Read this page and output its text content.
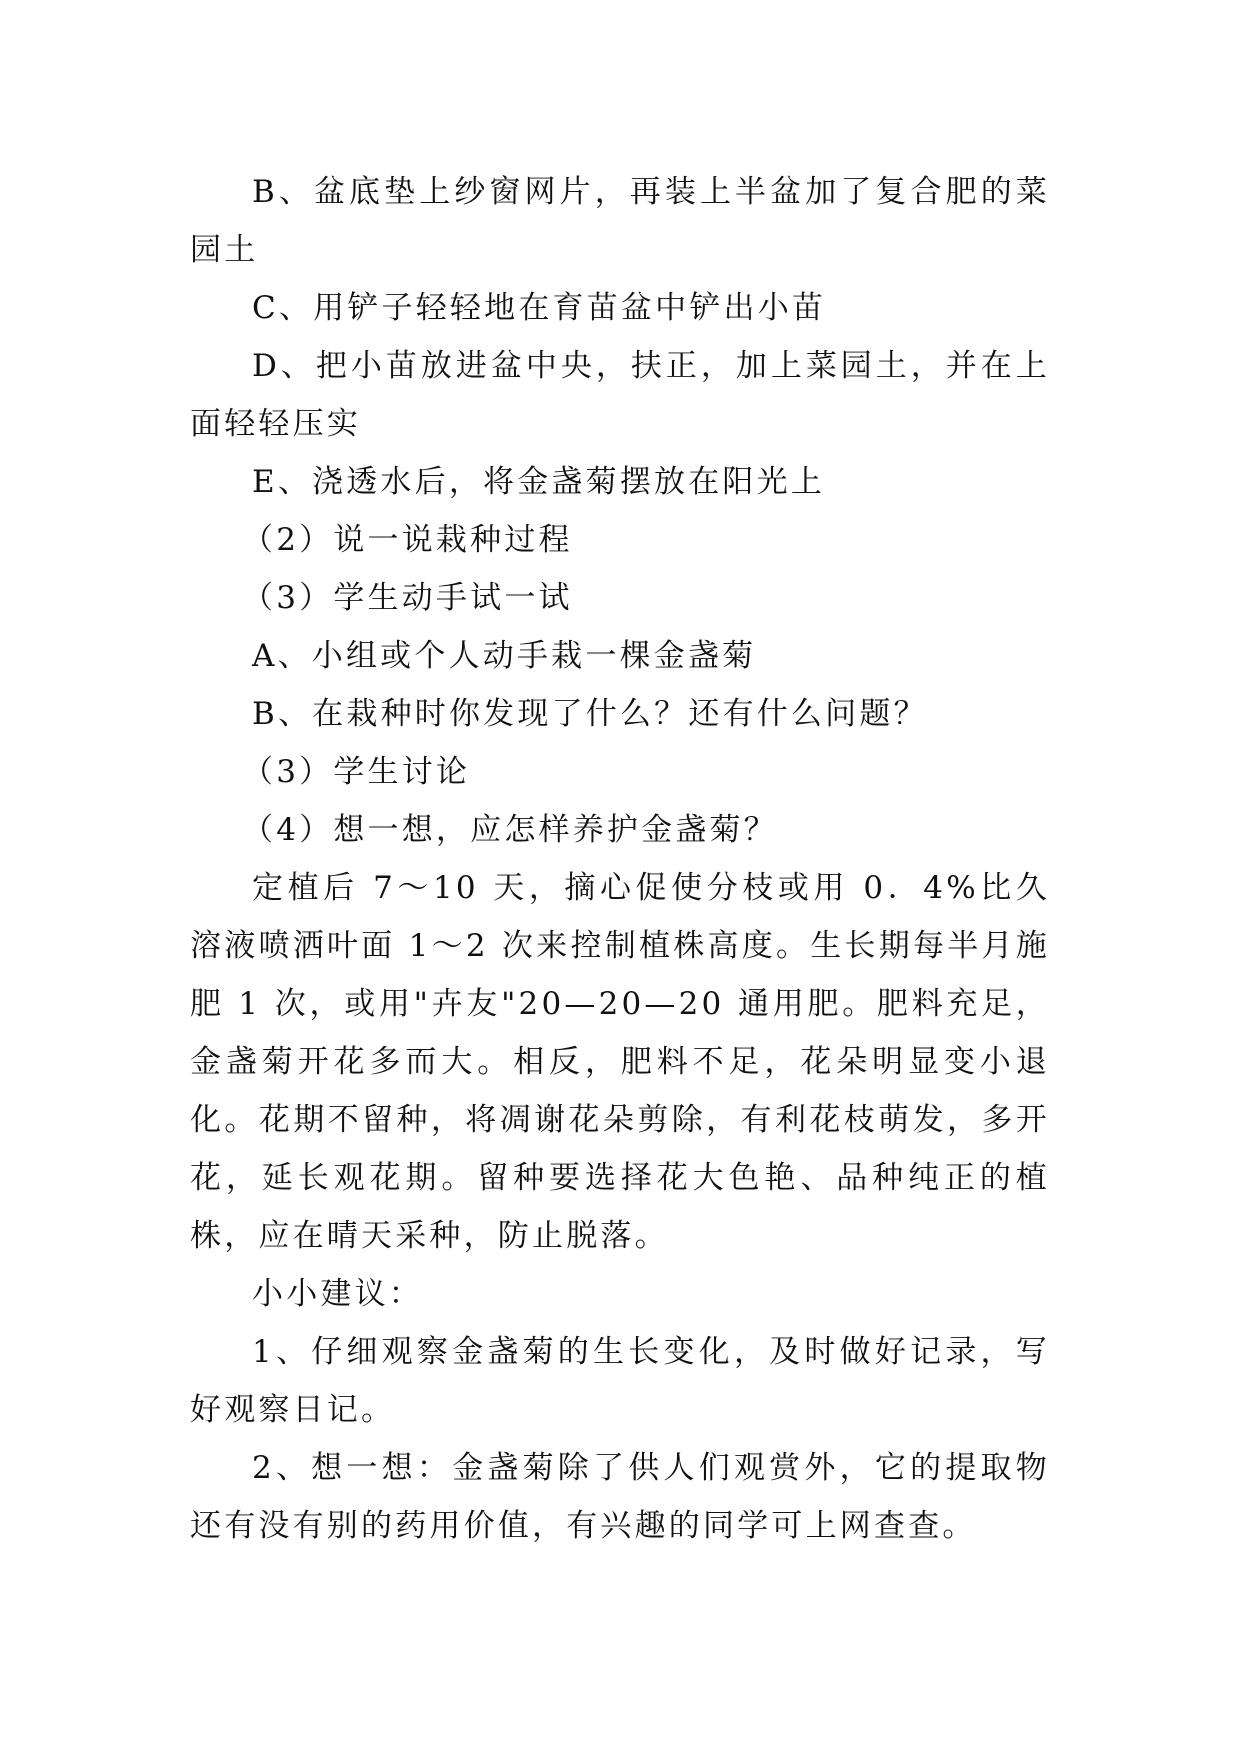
B、盆底垫上纱窗网片，再装上半盆加了复合肥的菜园土

C、用铲子轻轻地在育苗盆中铲出小苗

D、把小苗放进盆中央，扶正，加上菜园土，并在上面轻轻压实

E、浇透水后，将金盏菊摆放在阳光上

（2）说一说栽种过程

（3）学生动手试一试

A、小组或个人动手栽一棵金盏菊

B、在栽种时你发现了什么？还有什么问题？

（3）学生讨论

（4）想一想，应怎样养护金盏菊？

定植后 7～10 天，摘心促使分枝或用 0．4%比久溶液喷洒叶面 1～2 次来控制植株高度。生长期每半月施肥 1 次，或用"卉友"20—20—20 通用肥。肥料充足，金盏菊开花多而大。相反，肥料不足，花朵明显变小退化。花期不留种，将凋谢花朵剪除，有利花枝萌发，多开花，延长观花期。留种要选择花大色艳、品种纯正的植株，应在晴天采种，防止脱落。

小小建议：

1、仔细观察金盏菊的生长变化，及时做好记录，写好观察日记。

2、想一想：金盏菊除了供人们观赏外，它的提取物还有没有别的药用价值，有兴趣的同学可上网查查。
